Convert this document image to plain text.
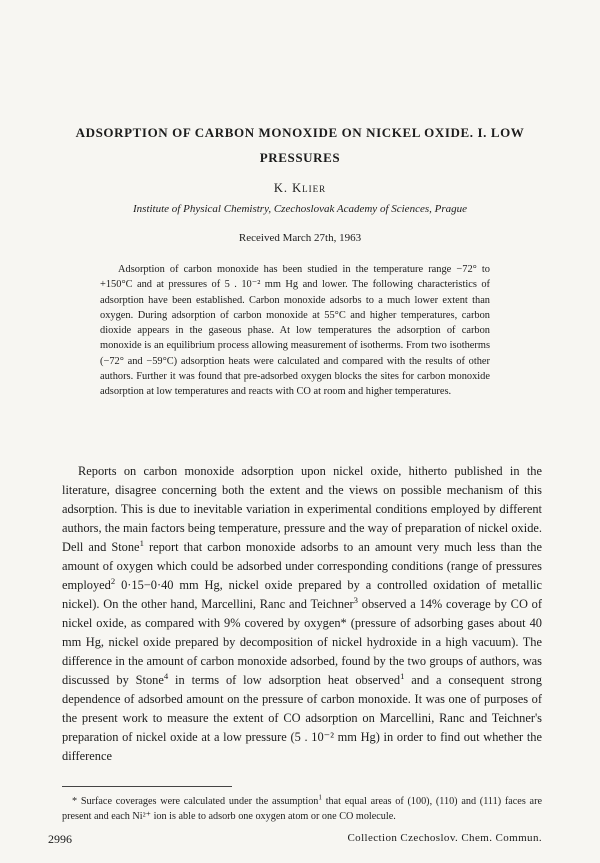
ADSORPTION OF CARBON MONOXIDE ON NICKEL OXIDE. I. LOW PRESSURES
K. Klier
Institute of Physical Chemistry, Czechoslovak Academy of Sciences, Prague
Received March 27th, 1963
Adsorption of carbon monoxide has been studied in the temperature range −72° to +150°C and at pressures of 5 . 10⁻² mm Hg and lower. The following characteristics of adsorption have been established. Carbon monoxide adsorbs to a much lower extent than oxygen. During adsorption of carbon monoxide at 55°C and higher temperatures, carbon dioxide appears in the gaseous phase. At low temperatures the adsorption of carbon monoxide is an equilibrium process allowing measurement of isotherms. From two isotherms (−72° and −59°C) adsorption heats were calculated and compared with the results of other authors. Further it was found that pre-adsorbed oxygen blocks the sites for carbon monoxide adsorption at low temperatures and reacts with CO at room and higher temperatures.
Reports on carbon monoxide adsorption upon nickel oxide, hitherto published in the literature, disagree concerning both the extent and the views on possible mechanism of this adsorption. This is due to inevitable variation in experimental conditions employed by different authors, the main factors being temperature, pressure and the way of preparation of nickel oxide. Dell and Stone$^1$ report that carbon monoxide adsorbs to an amount very much less than the amount of oxygen which could be adsorbed under corresponding conditions (range of pressures employed$^2$ 0·15−0·40 mm Hg, nickel oxide prepared by a controlled oxidation of metallic nickel). On the other hand, Marcellini, Ranc and Teichner$^3$ observed a 14% coverage by CO of nickel oxide, as compared with 9% covered by oxygen* (pressure of adsorbing gases about 40 mm Hg, nickel oxide prepared by decomposition of nickel hydroxide in a high vacuum). The difference in the amount of carbon monoxide adsorbed, found by the two groups of authors, was discussed by Stone$^4$ in terms of low adsorption heat observed$^1$ and a consequent strong dependence of adsorbed amount on the pressure of carbon monoxide. It was one of purposes of the present work to measure the extent of CO adsorption on Marcellini, Ranc and Teichner's preparation of nickel oxide at a low pressure (5 . 10⁻² mm Hg) in order to find out whether the difference
* Surface coverages were calculated under the assumption$^1$ that equal areas of (100), (110) and (111) faces are present and each Ni²⁺ ion is able to adsorb one oxygen atom or one CO molecule.
2996	Collection Czechoslov. Chem. Commun.
